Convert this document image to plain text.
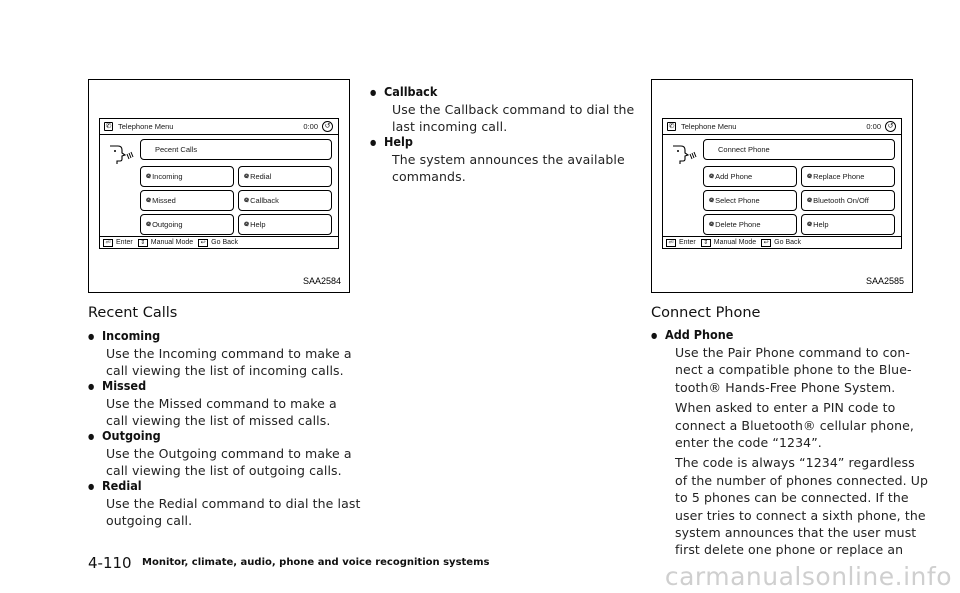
✆ Telephone Menu	0:00 ↺
Pecent Calls
᪤ Incoming	᪤ Redial
᪤ Missed	᪤ Callback
᪤ Outgoing	᪤ Help
⏎ Enter	⇕ Manual Mode	↩ Go Back
SAA2584
✆ Telephone Menu	0:00 ↺
Connect Phone
᪤ Add Phone	᪤ Replace Phone
᪤ Select Phone	᪤ Bluetooth On/Off
᪤ Delete Phone	᪤ Help
⏎ Enter	⇕ Manual Mode	↩ Go Back
SAA2585
Recent Calls
● Incoming
Use the Incoming command to make a
call viewing the list of incoming calls.
● Missed
Use the Missed command to make a
call viewing the list of missed calls.
● Outgoing
Use the Outgoing command to make a
call viewing the list of outgoing calls.
● Redial
Use the Redial command to dial the last
outgoing call.
● Callback
Use the Callback command to dial the
last incoming call.
● Help
The system announces the available
commands.
Connect Phone
● Add Phone
Use the Pair Phone command to con-
nect a compatible phone to the Blue-
tooth® Hands-Free Phone System.
When asked to enter a PIN code to
connect a Bluetooth® cellular phone,
enter the code “1234”.
The code is always “1234” regardless
of the number of phones connected. Up
to 5 phones can be connected. If the
user tries to connect a sixth phone, the
system announces that the user must
first delete one phone or replace an
4-110 Monitor, climate, audio, phone and voice recognition systems	carmanualsonline.info
